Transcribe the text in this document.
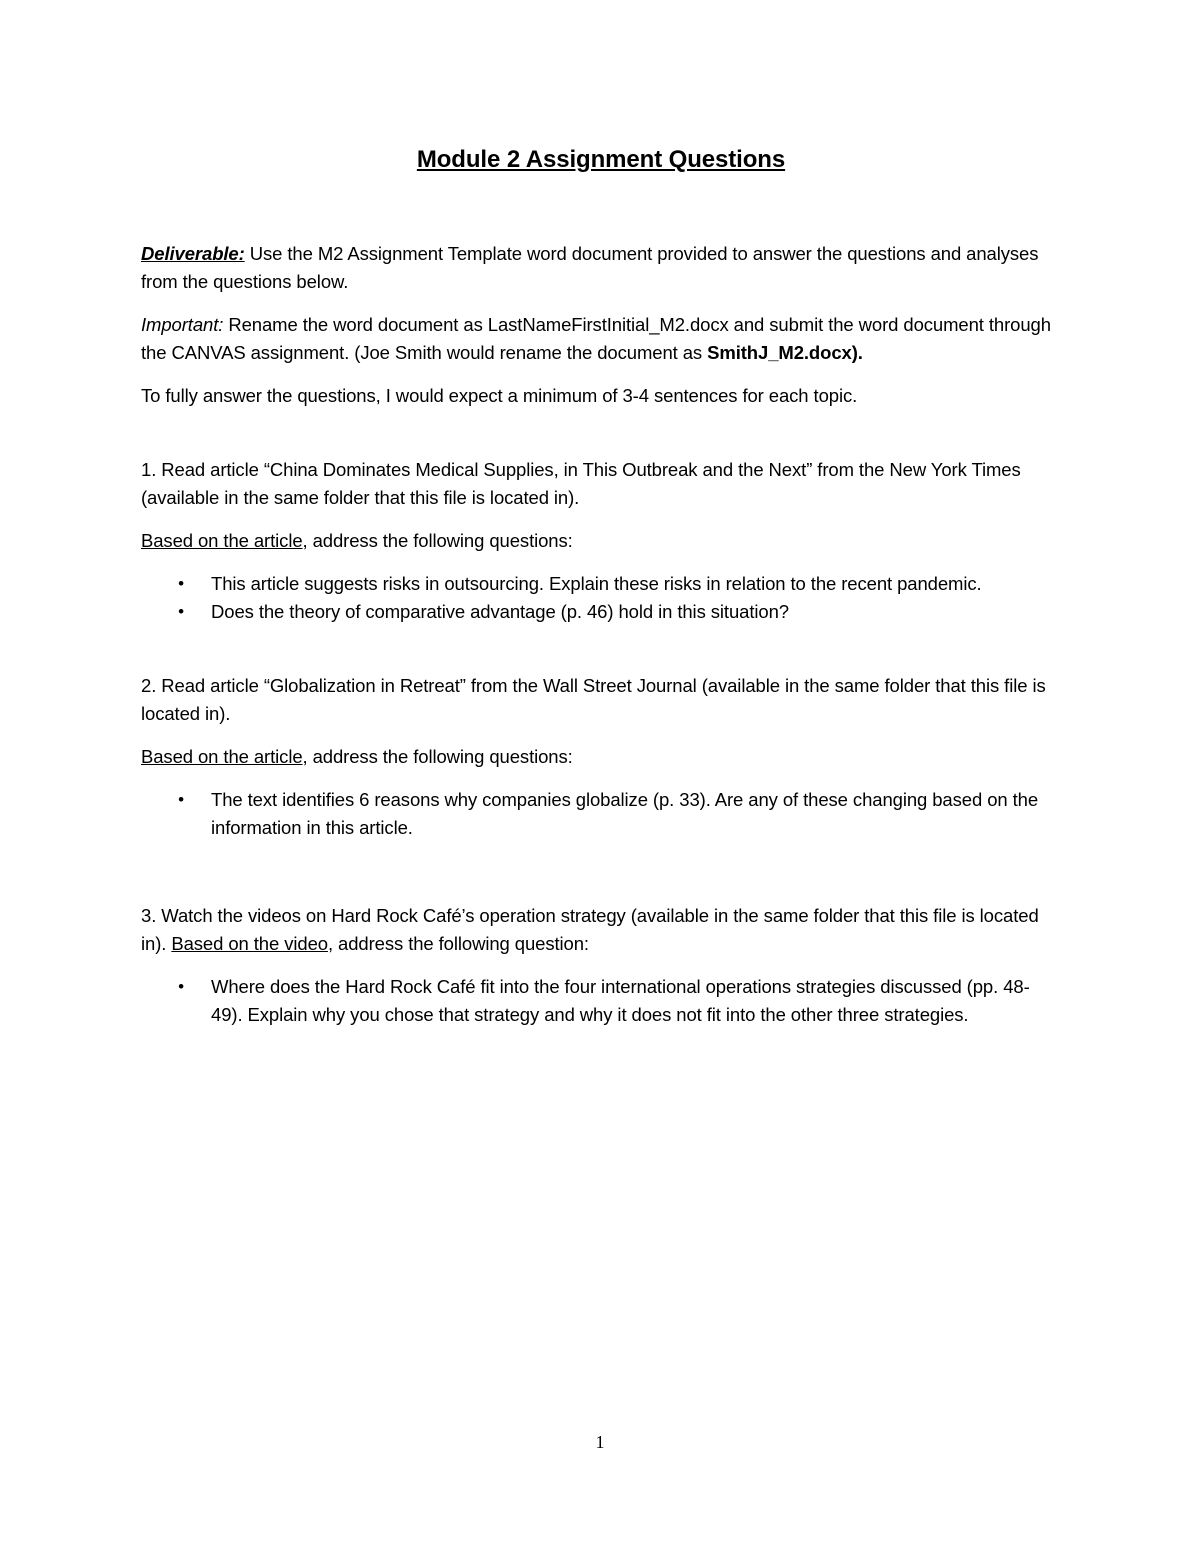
Module 2 Assignment Questions

Deliverable: Use the M2 Assignment Template word document provided to answer the questions and analyses from the questions below.

Important: Rename the word document as LastNameFirstInitial_M2.docx and submit the word document through the CANVAS assignment. (Joe Smith would rename the document as SmithJ_M2.docx).

To fully answer the questions, I would expect a minimum of 3-4 sentences for each topic.

1. Read article “China Dominates Medical Supplies, in This Outbreak and the Next” from the New York Times (available in the same folder that this file is located in).

Based on the article, address the following questions:

• This article suggests risks in outsourcing. Explain these risks in relation to the recent pandemic.
• Does the theory of comparative advantage (p. 46) hold in this situation?

2. Read article “Globalization in Retreat” from the Wall Street Journal (available in the same folder that this file is located in).

Based on the article, address the following questions:

• The text identifies 6 reasons why companies globalize (p. 33). Are any of these changing based on the information in this article.

3. Watch the videos on Hard Rock Café’s operation strategy (available in the same folder that this file is located in). Based on the video, address the following question:

• Where does the Hard Rock Café fit into the four international operations strategies discussed (pp. 48-49). Explain why you chose that strategy and why it does not fit into the other three strategies.
1
